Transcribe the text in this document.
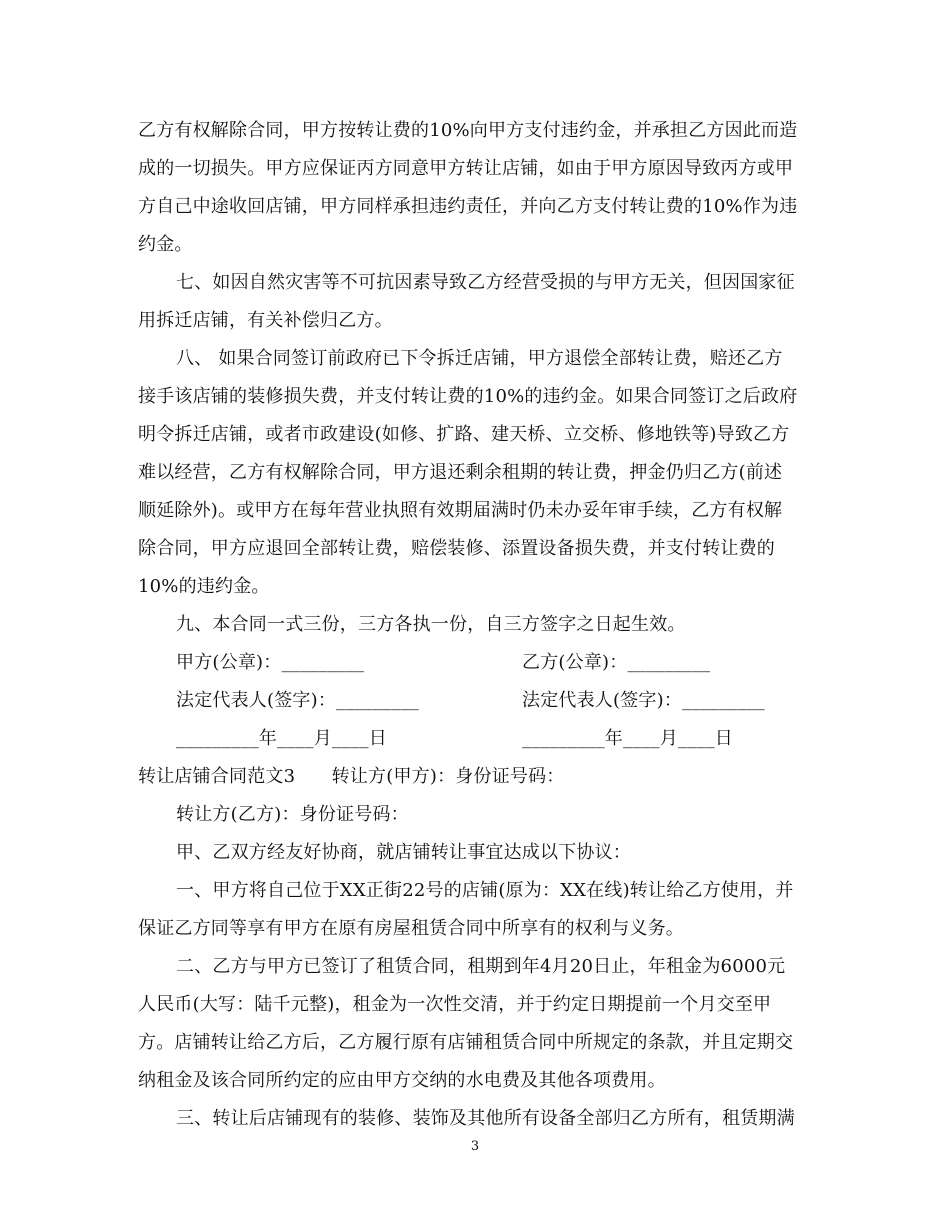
乙方有权解除合同，甲方按转让费的10%向甲方支付违约金，并承担乙方因此而造
成的一切损失。甲方应保证丙方同意甲方转让店铺，如由于甲方原因导致丙方或甲
方自己中途收回店铺，甲方同样承担违约责任，并向乙方支付转让费的10%作为违
约金。
七、如因自然灾害等不可抗因素导致乙方经营受损的与甲方无关，但因国家征
用拆迁店铺，有关补偿归乙方。
八、 如果合同签订前政府已下令拆迁店铺，甲方退偿全部转让费，赔还乙方
接手该店铺的装修损失费，并支付转让费的10%的违约金。如果合同签订之后政府
明令拆迁店铺，或者市政建设(如修、扩路、建天桥、立交桥、修地铁等)导致乙方
难以经营，乙方有权解除合同，甲方退还剩余租期的转让费，押金仍归乙方(前述
顺延除外)。或甲方在每年营业执照有效期届满时仍未办妥年审手续，乙方有权解
除合同，甲方应退回全部转让费，赔偿装修、添置设备损失费，并支付转让费的
10%的违约金。
九、本合同一式三份，三方各执一份，自三方签字之日起生效。
甲方(公章)：_________	乙方(公章)：_________
法定代表人(签字)：_________	法定代表人(签字)：_________
_________年____月____日	_________年____月____日
转让店铺合同范文3　　转让方(甲方)：身份证号码：
转让方(乙方)：身份证号码：
甲、乙双方经友好协商，就店铺转让事宜达成以下协议：
一、甲方将自己位于XX正街22号的店铺(原为：XX在线)转让给乙方使用，并
保证乙方同等享有甲方在原有房屋租赁合同中所享有的权利与义务。
二、乙方与甲方已签订了租赁合同，租期到年4月20日止，年租金为6000元
人民币(大写：陆千元整)，租金为一次性交清，并于约定日期提前一个月交至甲
方。店铺转让给乙方后，乙方履行原有店铺租赁合同中所规定的条款，并且定期交
纳租金及该合同所约定的应由甲方交纳的水电费及其他各项费用。
三、转让后店铺现有的装修、装饰及其他所有设备全部归乙方所有，租赁期满
3
